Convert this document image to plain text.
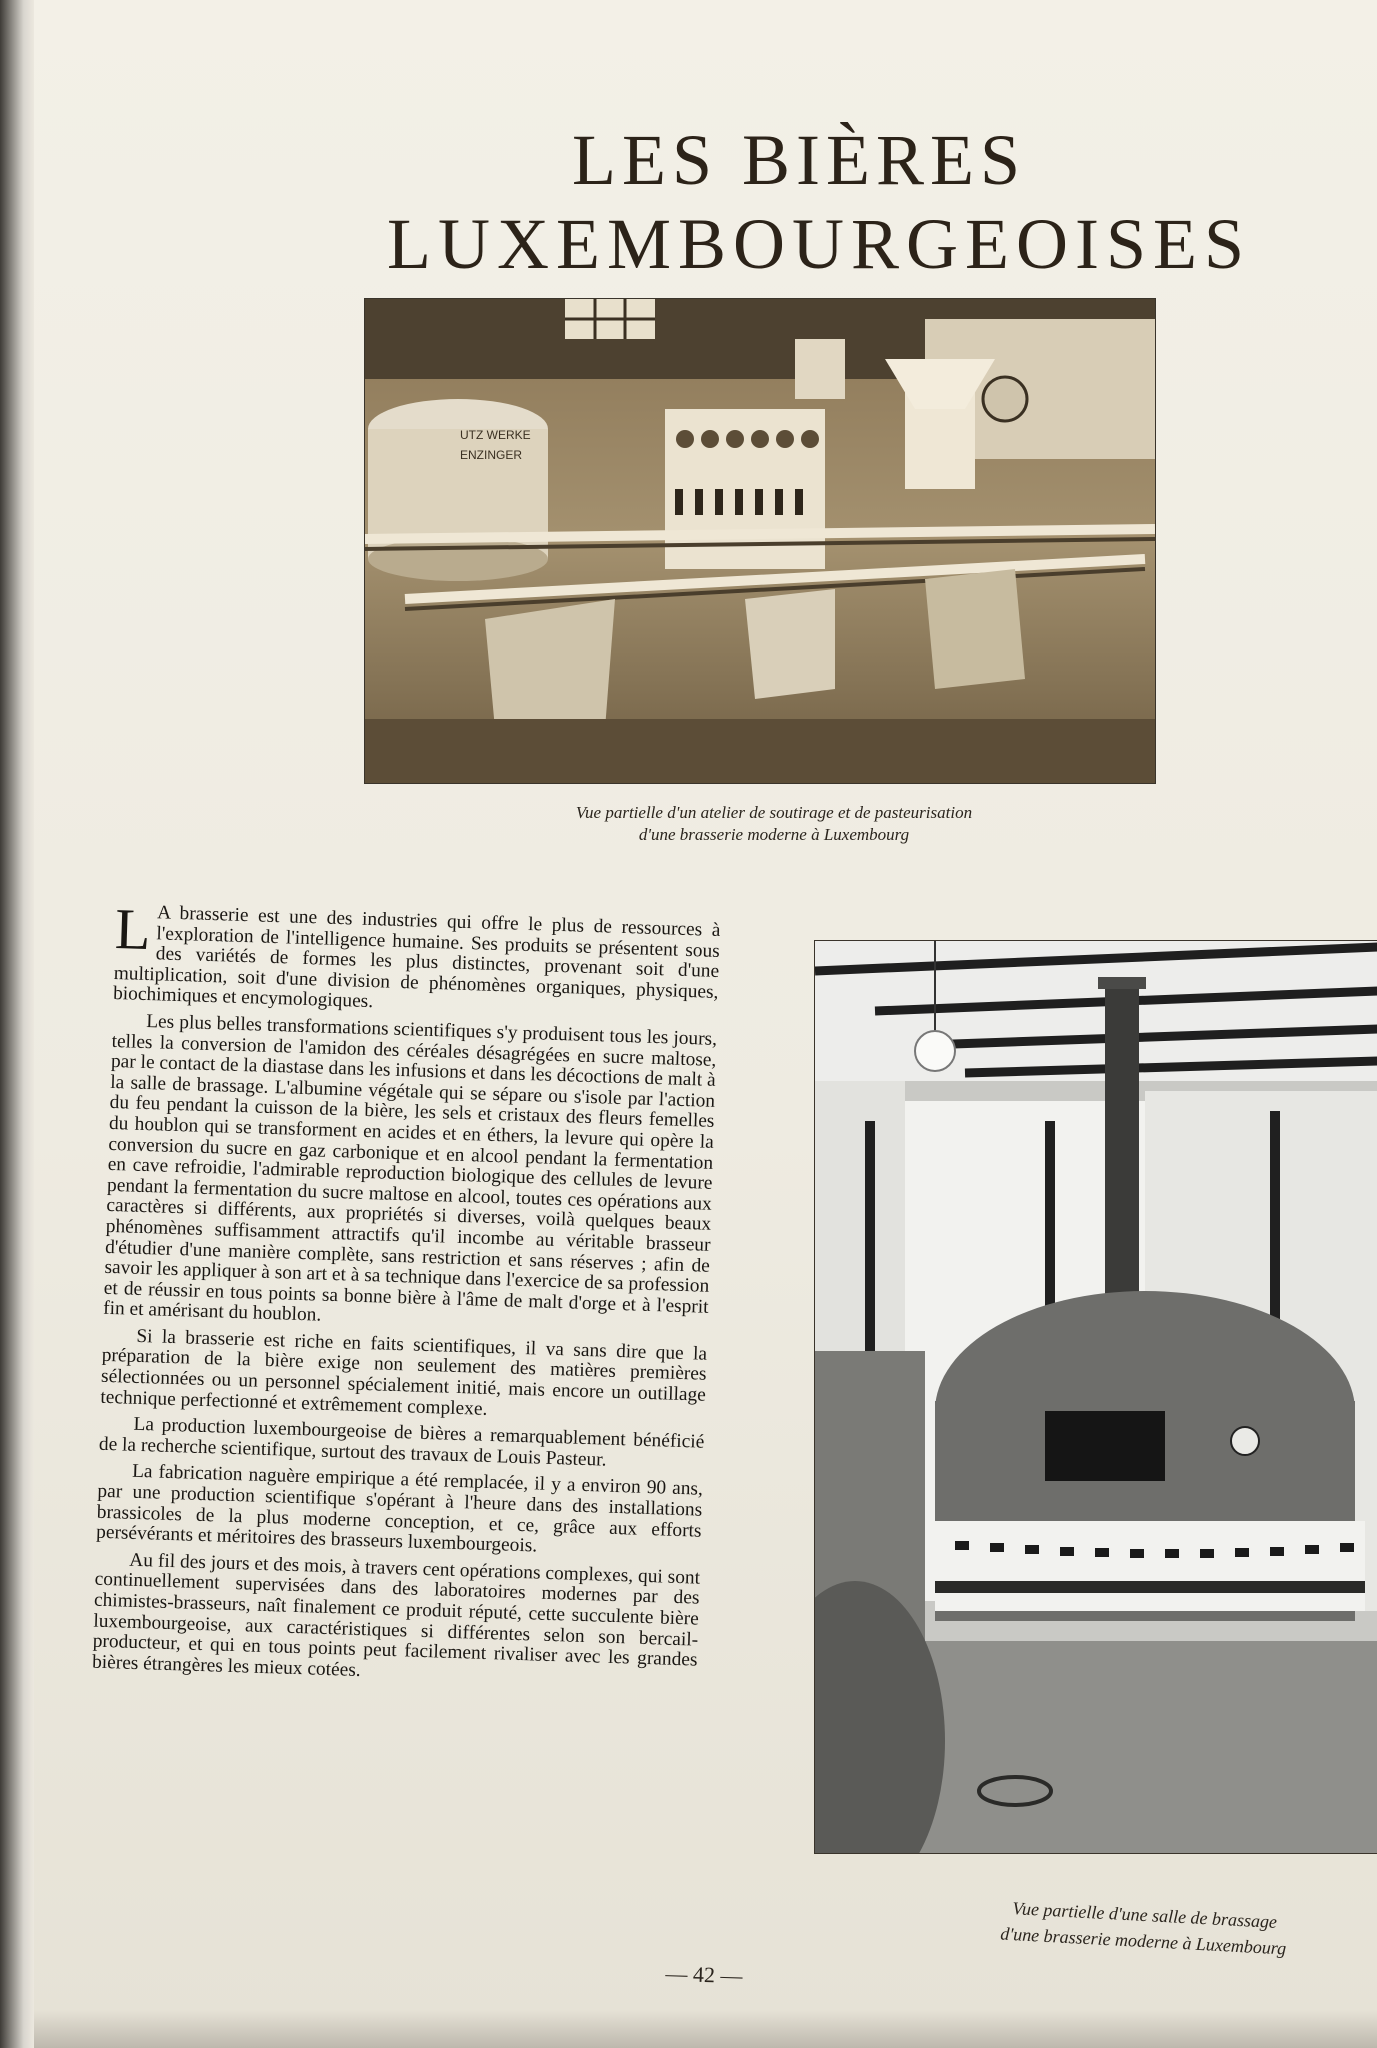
LES BIÈRES
LUXEMBOURGEOISES
UTZ WERKE
ENZINGER
Vue partielle d'un atelier de soutirage et de pasteurisation
d'une brasserie moderne à Luxembourg

L A brasserie est une des industries qui offre le plus de ressources à l'exploration de l'intelligence humaine. Ses produits se présentent sous des variétés de formes les plus distinctes, provenant soit d'une multiplication, soit d'une division de phénomènes organiques, physiques, biochimiques et encymologiques.

Les plus belles transformations scientifiques s'y produisent tous les jours, telles la conversion de l'amidon des céréales désagrégées en sucre maltose, par le contact de la diastase dans les infusions et dans les décoctions de malt à la salle de brassage. L'albumine végétale qui se sépare ou s'isole par l'action du feu pendant la cuisson de la bière, les sels et cristaux des fleurs femelles du houblon qui se transforment en acides et en éthers, la levure qui opère la conversion du sucre en gaz carbonique et en alcool pendant la fermentation en cave refroidie, l'admirable reproduction biologique des cellules de levure pendant la fermentation du sucre maltose en alcool, toutes ces opérations aux caractères si différents, aux propriétés si diverses, voilà quelques beaux phénomènes suffisamment attractifs qu'il incombe au véritable brasseur d'étudier d'une manière complète, sans restriction et sans réserves ; afin de savoir les appliquer à son art et à sa technique dans l'exercice de sa profession et de réussir en tous points sa bonne bière à l'âme de malt d'orge et à l'esprit fin et amérisant du houblon.

Si la brasserie est riche en faits scientifiques, il va sans dire que la préparation de la bière exige non seulement des matières premières sélectionnées ou un personnel spécialement initié, mais encore un outillage technique perfectionné et extrêmement complexe.

La production luxembourgeoise de bières a remarquablement bénéficié de la recherche scientifique, surtout des travaux de Louis Pasteur.

La fabrication naguère empirique a été remplacée, il y a environ 90 ans, par une production scientifique s'opérant à l'heure dans des installations brassicoles de la plus moderne conception, et ce, grâce aux efforts persévérants et méritoires des brasseurs luxembourgeois.

Au fil des jours et des mois, à travers cent opérations complexes, qui sont continuellement supervisées dans des laboratoires modernes par des chimistes-brasseurs, naît finalement ce produit réputé, cette succulente bière luxembourgeoise, aux caractéristiques si différentes selon son bercail-producteur, et qui en tous points peut facilement rivaliser avec les grandes bières étrangères les mieux cotées.

Vue partielle d'une salle de brassage
d'une brasserie moderne à Luxembourg
— 42 —
